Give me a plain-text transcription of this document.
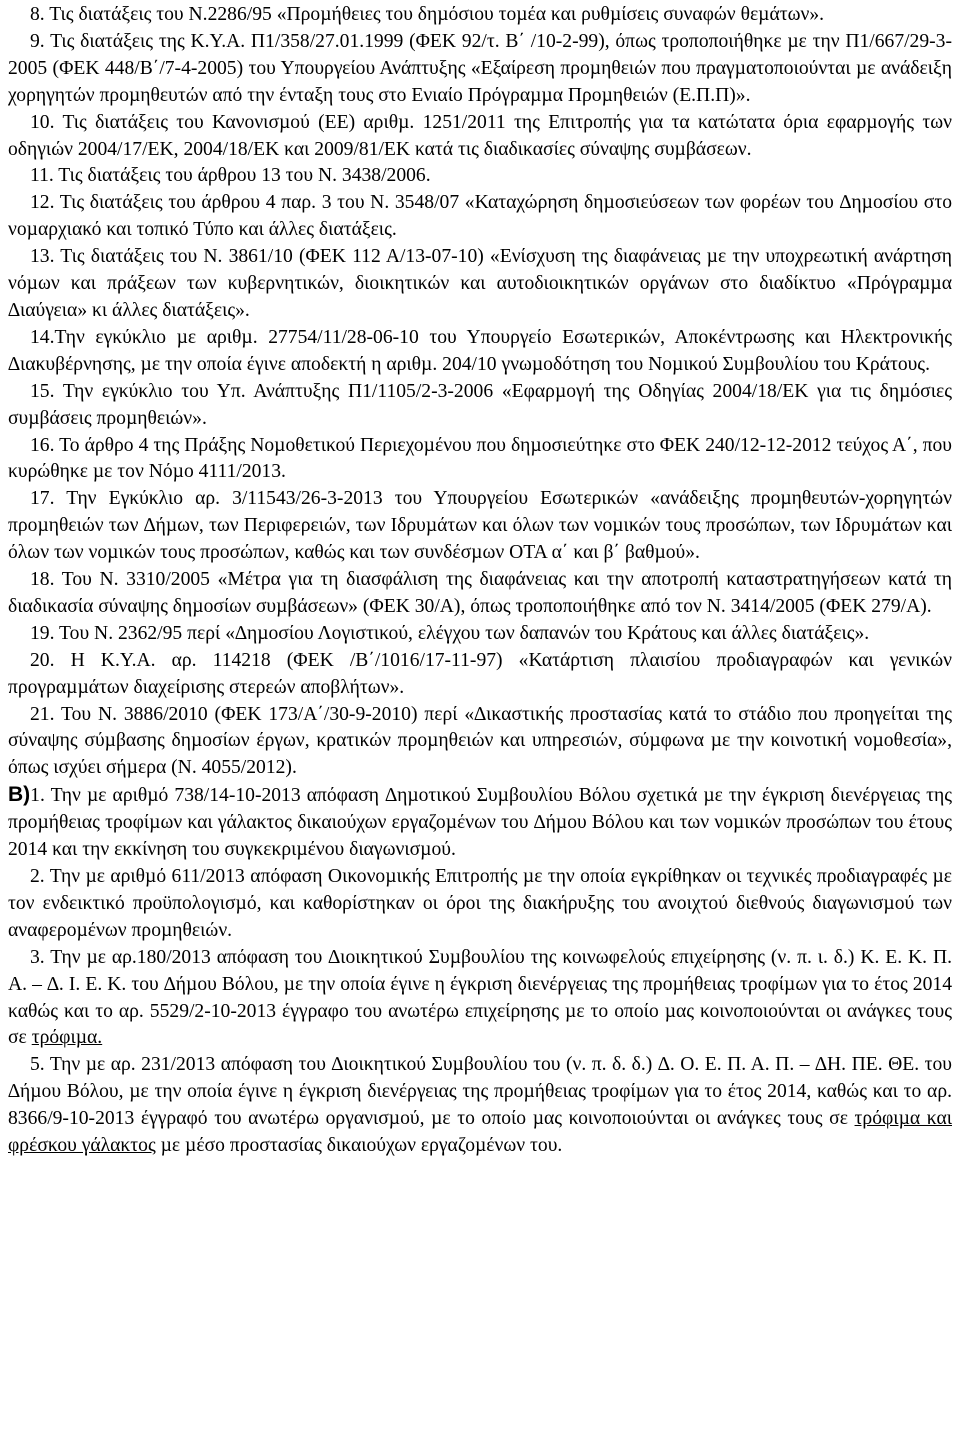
8. Τις διατάξεις του Ν.2286/95 «Προµήθειες του δηµόσιου τοµέα και ρυθµίσεις συναφών θεµάτων».

9. Τις διατάξεις της Κ.Υ.Α. Π1/358/27.01.1999 (ΦΕΚ 92/τ. Β΄ /10-2-99), όπως τροποποιήθηκε µε την Π1/667/29-3-2005 (ΦΕΚ 448/Β΄/7-4-2005) του Υπουργείου Ανάπτυξης «Εξαίρεση προµηθειών που πραγµατοποιούνται µε ανάδειξη χορηγητών προµηθευτών από την ένταξη τους στο Ενιαίο Πρόγραµµα Προµηθειών (Ε.Π.Π)».

10. Τις διατάξεις του Κανονισµού (ΕΕ) αριθµ. 1251/2011 της Επιτροπής για τα κατώτατα όρια εφαρµογής των οδηγιών 2004/17/ΕΚ, 2004/18/ΕΚ και 2009/81/ΕΚ κατά τις διαδικασίες σύναψης συµβάσεων.

11. Τις διατάξεις του άρθρου 13 του Ν. 3438/2006.

12. Τις διατάξεις του άρθρου 4 παρ. 3 του Ν. 3548/07 «Καταχώρηση δηµοσιεύσεων των φορέων του ∆ηµοσίου στο νοµαρχιακό και τοπικό Τύπο και άλλες διατάξεις.

13. Τις διατάξεις του Ν. 3861/10 (ΦΕΚ 112 Α/13-07-10) «Ενίσχυση της διαφάνειας µε την υποχρεωτική ανάρτηση νόµων και πράξεων των κυβερνητικών, διοικητικών και αυτοδιοικητικών οργάνων στο διαδίκτυο «Πρόγραµµα ∆ιαύγεια» κι άλλες διατάξεις».

14.Την εγκύκλιο µε αριθµ. 27754/11/28-06-10 του Υπουργείο Εσωτερικών, Αποκέντρωσης και Ηλεκτρονικής ∆ιακυβέρνησης, µε την οποία έγινε αποδεκτή η αριθµ. 204/10 γνωµοδότηση του Νοµικού Συµβουλίου του Κράτους.

15. Την εγκύκλιο του Υπ. Ανάπτυξης Π1/1105/2-3-2006 «Εφαρµογή της Οδηγίας 2004/18/ΕΚ για τις δηµόσιες συµβάσεις προµηθειών».

16. Το άρθρο 4 της Πράξης Νοµοθετικού Περιεχοµένου που δηµοσιεύτηκε στο ΦΕΚ 240/12-12-2012 τεύχος Α΄, που κυρώθηκε µε τον Νόµο 4111/2013.

17. Την Εγκύκλιο αρ. 3/11543/26-3-2013 του Υπουργείου Εσωτερικών «ανάδειξης προµηθευτών-χορηγητών προµηθειών των ∆ήµων, των Περιφερειών, των Ιδρυµάτων και όλων των νοµικών τους προσώπων, των Ιδρυµάτων και όλων των νοµικών τους προσώπων, καθώς και των συνδέσµων ΟΤΑ α΄ και β΄ βαθµού».

18. Του Ν. 3310/2005 «Μέτρα για τη διασφάλιση της διαφάνειας και την αποτροπή καταστρατηγήσεων κατά τη διαδικασία σύναψης δηµοσίων συµβάσεων» (ΦΕΚ 30/Α), όπως τροποποιήθηκε από τον Ν. 3414/2005 (ΦΕΚ 279/Α).

19. Του Ν. 2362/95 περί «∆ηµοσίου Λογιστικού, ελέγχου των δαπανών του Κράτους και άλλες διατάξεις».

20. Η Κ.Υ.Α. αρ. 114218 (ΦΕΚ /Β΄/1016/17-11-97) «Κατάρτιση πλαισίου προδιαγραφών και γενικών προγραµµάτων διαχείρισης στερεών αποβλήτων».

21. Του Ν. 3886/2010 (ΦΕΚ 173/Α΄/30-9-2010) περί «∆ικαστικής προστασίας κατά το στάδιο που προηγείται της σύναψης σύµβασης δηµοσίων έργων, κρατικών προµηθειών και υπηρεσιών, σύµφωνα µε την κοινοτική νοµοθεσία», όπως ισχύει σήµερα (Ν. 4055/2012).

Β)1. Την µε αριθµό 738/14-10-2013 απόφαση ∆ηµοτικού Συµβουλίου Βόλου σχετικά µε την έγκριση διενέργειας της προµήθειας τροφίµων και γάλακτος δικαιούχων εργαζοµένων του ∆ήµου Βόλου και των νοµικών προσώπων του έτους 2014 και την εκκίνηση του συγκεκριµένου διαγωνισµού.

2. Την µε αριθµό 611/2013 απόφαση Οικονοµικής Επιτροπής µε την οποία εγκρίθηκαν οι τεχνικές προδιαγραφές µε τον ενδεικτικό προϋπολογισµό, και καθορίστηκαν οι όροι της διακήρυξης του ανοιχτού διεθνούς διαγωνισµού των αναφεροµένων προµηθειών.

3. Την µε αρ.180/2013 απόφαση του ∆ιοικητικού Συµβουλίου της κοινωφελούς επιχείρησης (ν. π. ι. δ.) Κ. Ε. Κ. Π. Α. – ∆. Ι. Ε. Κ. του ∆ήµου Βόλου, µε την οποία έγινε η έγκριση διενέργειας της προµήθειας τροφίµων για το έτος 2014 καθώς και το αρ. 5529/2-10-2013 έγγραφο του ανωτέρω επιχείρησης µε το οποίο µας κοινοποιούνται οι ανάγκες τους σε τρόφιµα.

5. Την µε αρ. 231/2013 απόφαση του ∆ιοικητικού Συµβουλίου του (ν. π. δ. δ.) ∆. Ο. Ε. Π. Α. Π. – ∆Η. ΠΕ. ΘΕ. του ∆ήµου Βόλου, µε την οποία έγινε η έγκριση διενέργειας της προµήθειας τροφίµων για το έτος 2014, καθώς και το αρ. 8366/9-10-2013 έγγραφό του ανωτέρω οργανισµού, µε το οποίο µας κοινοποιούνται οι ανάγκες τους σε τρόφιµα και φρέσκου γάλακτος µε µέσο προστασίας δικαιούχων εργαζοµένων του.
